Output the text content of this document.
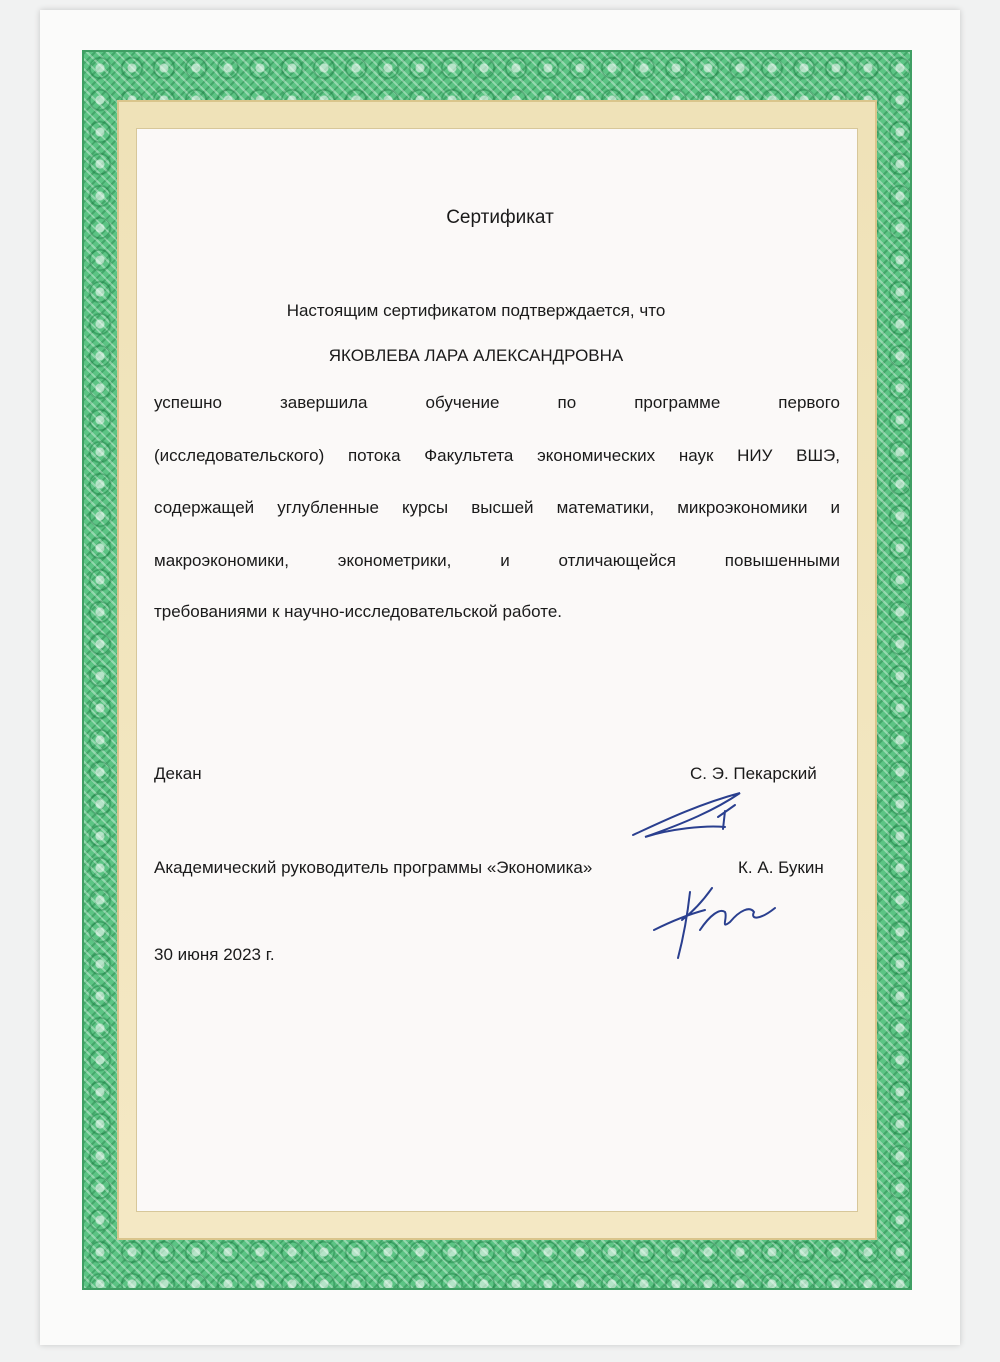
Сертификат
Настоящим сертификатом подтверждается, что
ЯКОВЛЕВА ЛАРА АЛЕКСАНДРОВНА
успешно завершила обучение по программе первого
(исследовательского) потока Факультета экономических наук НИУ ВШЭ,
содержащей углубленные курсы высшей математики, микроэкономики и
макроэкономики, эконометрики, и отличающейся повышенными
требованиями к научно-исследовательской работе.
Декан	С. Э. Пекарский
Академический руководитель программы «Экономика»	К. А. Букин
30 июня 2023 г.
